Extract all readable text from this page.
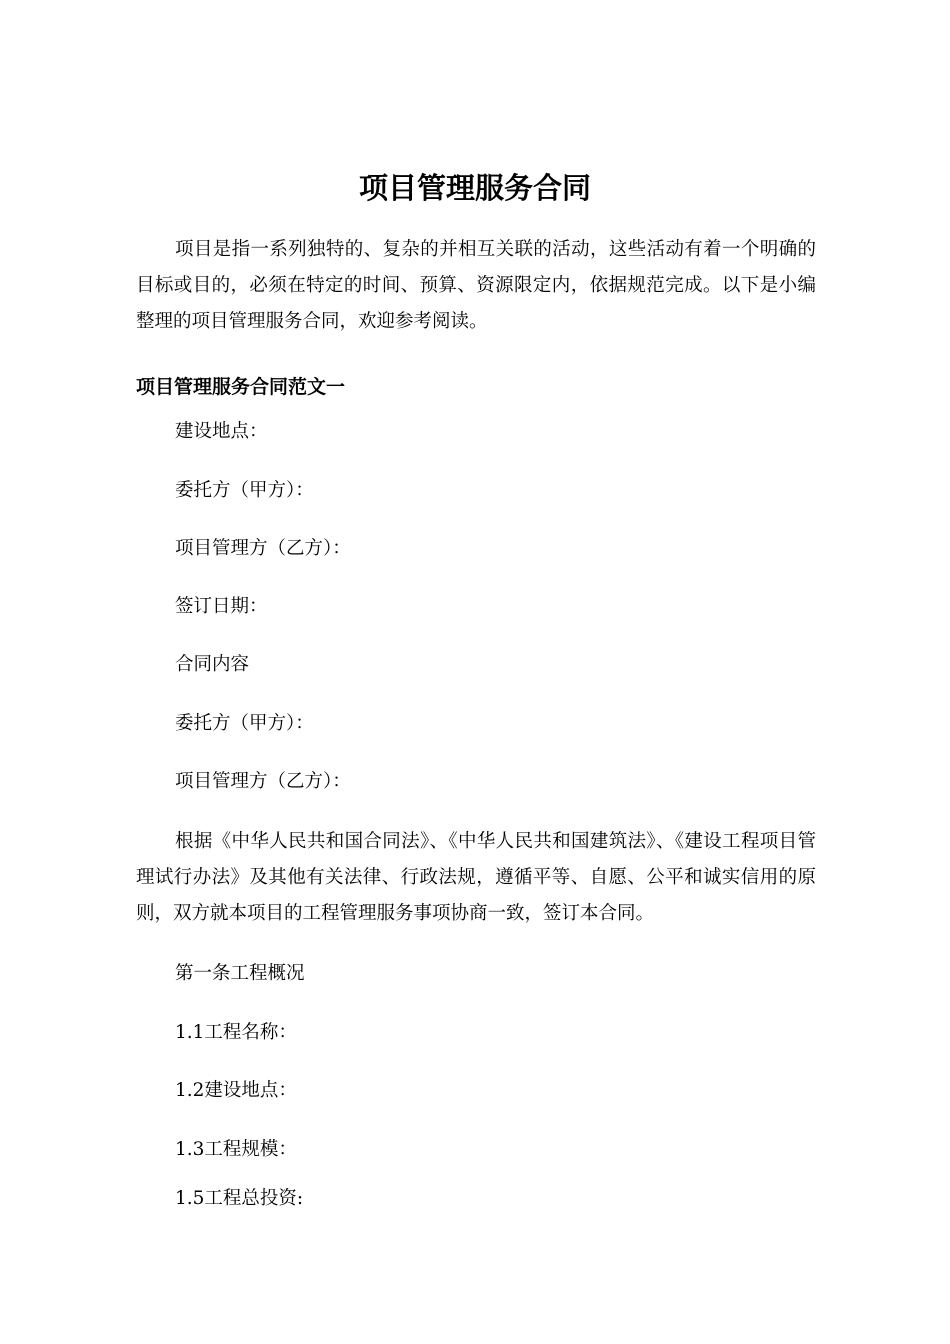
项目管理服务合同

项目是指一系列独特的、复杂的并相互关联的活动，这些活动有着一个明确的目标或目的，必须在特定的时间、预算、资源限定内，依据规范完成。以下是小编整理的项目管理服务合同，欢迎参考阅读。

项目管理服务合同范文一

建设地点：

委托方（甲方）：

项目管理方（乙方）：

签订日期：

合同内容

委托方（甲方）：

项目管理方（乙方）：

根据《中华人民共和国合同法》、《中华人民共和国建筑法》、《建设工程项目管理试行办法》及其他有关法律、行政法规，遵循平等、自愿、公平和诚实信用的原则，双方就本项目的工程管理服务事项协商一致，签订本合同。

第一条工程概况

1.1工程名称：

1.2建设地点：

1.3工程规模：

1.5工程总投资:
